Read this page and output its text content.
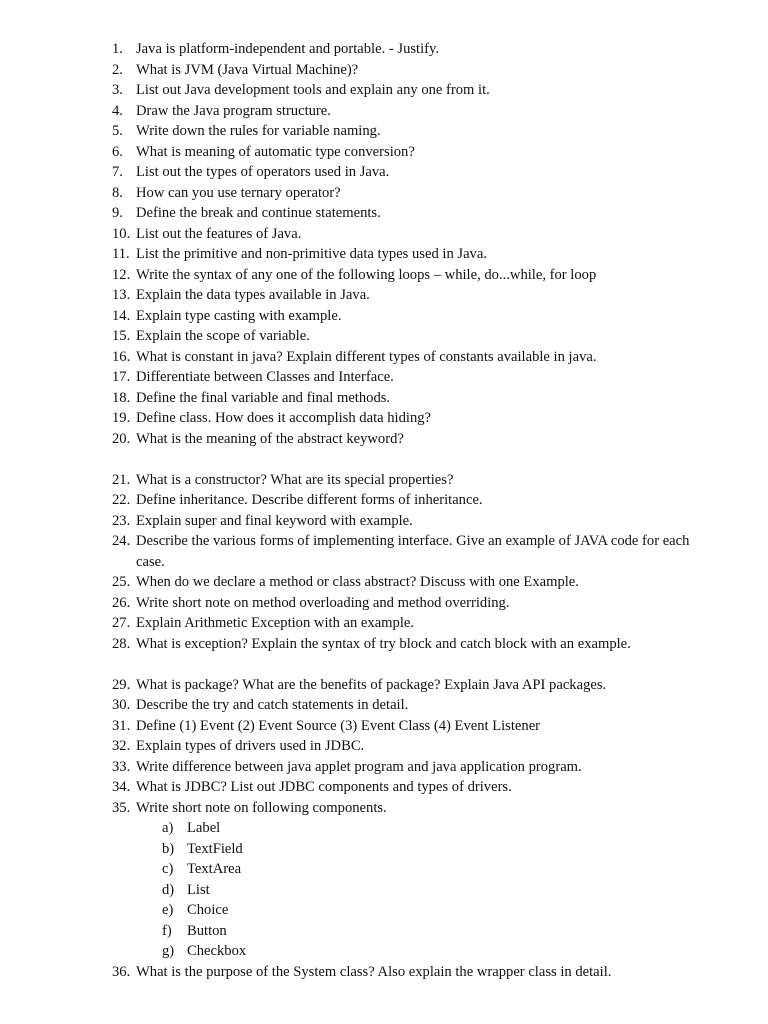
1. Java is platform-independent and portable. - Justify.
2. What is JVM (Java Virtual Machine)?
3. List out Java development tools and explain any one from it.
4. Draw the Java program structure.
5. Write down the rules for variable naming.
6. What is meaning of automatic type conversion?
7. List out the types of operators used in Java.
8. How can you use ternary operator?
9. Define the break and continue statements.
10. List out the features of Java.
11. List the primitive and non-primitive data types used in Java.
12. Write the syntax of any one of the following loops – while, do...while, for loop
13. Explain the data types available in Java.
14. Explain type casting with example.
15. Explain the scope of variable.
16. What is constant in java? Explain different types of constants available in java.
17. Differentiate between Classes and Interface.
18. Define the final variable and final methods.
19. Define class. How does it accomplish data hiding?
20. What is the meaning of the abstract keyword?
21. What is a constructor? What are its special properties?
22. Define inheritance. Describe different forms of inheritance.
23. Explain super and final keyword with example.
24. Describe the various forms of implementing interface. Give an example of JAVA code for each case.
25. When do we declare a method or class abstract? Discuss with one Example.
26. Write short note on method overloading and method overriding.
27. Explain Arithmetic Exception with an example.
28. What is exception? Explain the syntax of try block and catch block with an example.
29. What is package? What are the benefits of package? Explain Java API packages.
30. Describe the try and catch statements in detail.
31. Define (1) Event (2) Event Source (3) Event Class (4) Event Listener
32. Explain types of drivers used in JDBC.
33. Write difference between java applet program and java application program.
34. What is JDBC? List out JDBC components and types of drivers.
35. Write short note on following components.
a) Label
b) TextField
c) TextArea
d) List
e) Choice
f) Button
g) Checkbox
36. What is the purpose of the System class? Also explain the wrapper class in detail.
